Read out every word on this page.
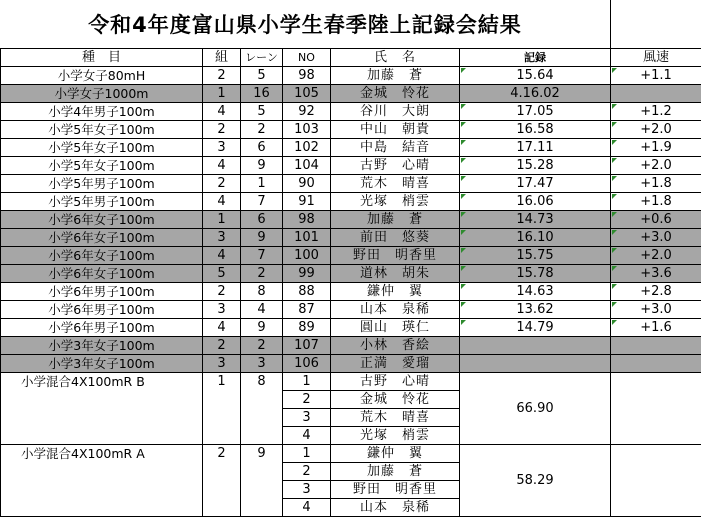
令和4年度富山県小学生春季陸上記録会結果
種　目	組	レーン	NO	氏　名	記録	風速
小学女子80mH	2	5	98	加藤　蒼	15.64	+1.1

小学女子1000m	1	16	105	金城　怜花	4.16.02	
小学4年男子100m	4	5	92	谷川　大朗	17.05	+1.2

小学5年女子100m	2	2	103	中山　朝貴	16.58	+2.0

小学5年女子100m	3	6	102	中島　結音	17.11	+1.9

小学5年女子100m	4	9	104	古野　心晴	15.28	+2.0

小学5年男子100m	2	1	90	荒木　晴喜	17.47	+1.8

小学5年男子100m	4	7	91	光塚　梢雲	16.06	+1.8

小学6年女子100m	1	6	98	加藤　蒼	14.73	+0.6

小学6年女子100m	3	9	101	前田　悠葵	16.10	+3.0

小学6年女子100m	4	7	100	野田　明香里	15.75	+2.0

小学6年女子100m	5	2	99	道林　胡朱	15.78	+3.6

小学6年男子100m	2	8	88	鎌仲　翼	14.63	+2.8

小学6年男子100m	3	4	87	山本　泉稀	13.62	+3.0

小学6年男子100m	4	9	89	圓山　瑛仁	14.79	+1.6

小学3年女子100m	2	2	107	小林　香絵		
小学3年女子100m	3	3	106	正満　愛瑠		
小学混合4X100mR B	1	8	1	古野　心晴	66.90	
			2	金城　怜花		
			3	荒木　晴喜		
			4	光塚　梢雲		
小学混合4X100mR A	2	9	1	鎌仲　翼	58.29	
			2	加藤　蒼		
			3	野田　明香里		
			4	山本　泉稀		
